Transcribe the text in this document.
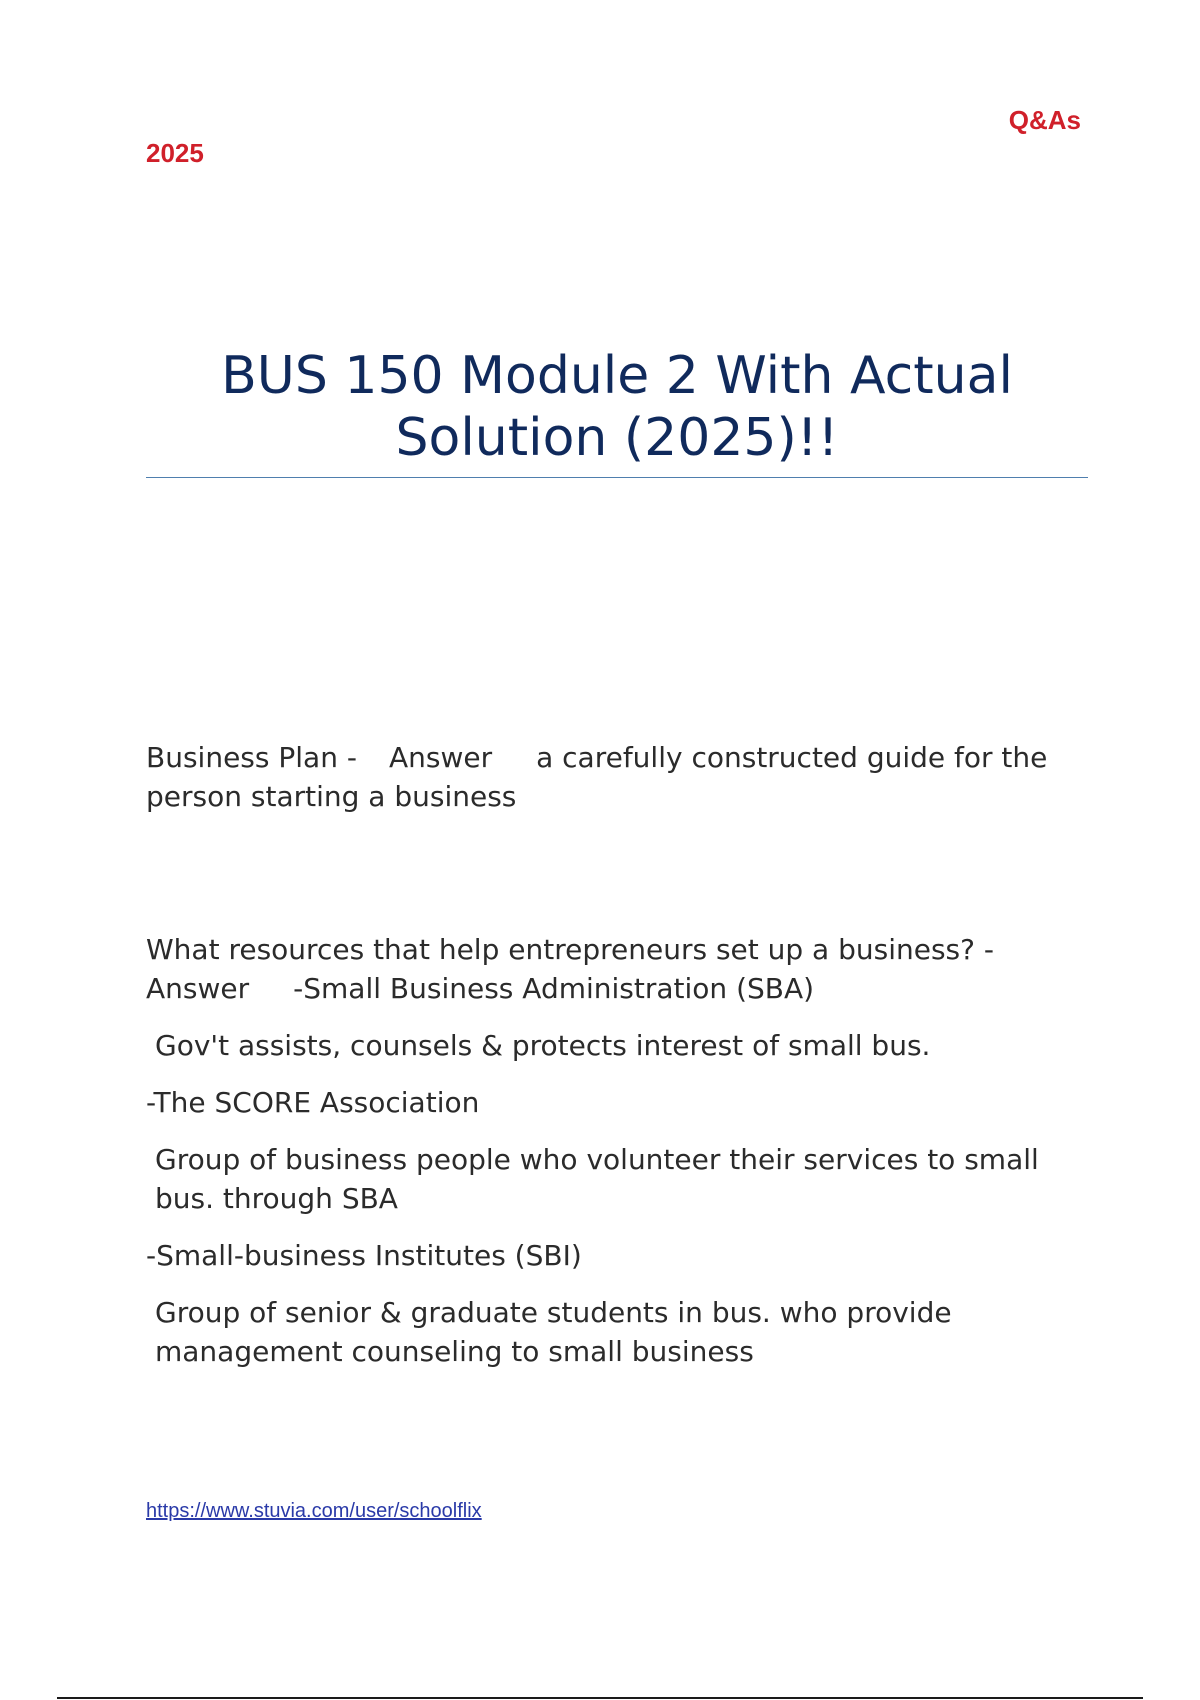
Q&As
2025
BUS 150 Module 2 With Actual
Solution (2025)!!

Business Plan - Answer a carefully constructed guide for the person starting a business

What resources that help entrepreneurs set up a business? -
Answer -Small Business Administration (SBA)

Gov't assists, counsels & protects interest of small bus.

-The SCORE Association

Group of business people who volunteer their services to small bus. through SBA

-Small-business Institutes (SBI)

Group of senior & graduate students in bus. who provide management counseling to small business

https://www.stuvia.com/user/schoolflix
